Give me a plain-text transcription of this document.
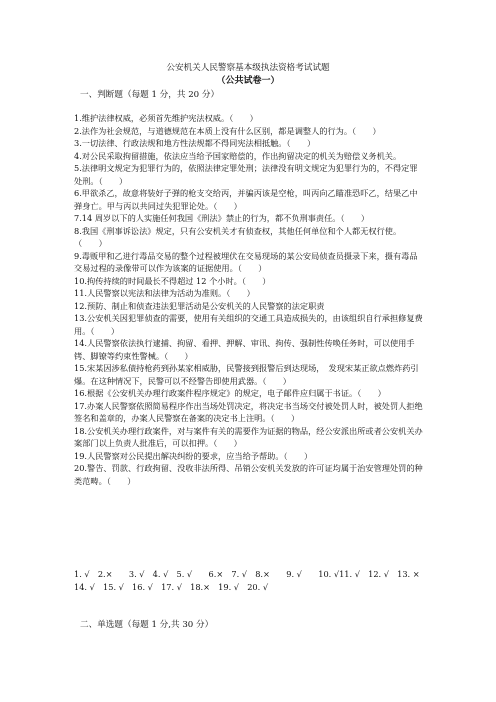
公安机关人民警察基本级执法资格考试试题
（公共试卷一）
一、判断题（每题 1 分，共 20 分）

1.维护法律权威，必须首先维护宪法权威。（　　）

2.法作为社会规范，与道德规范在本质上没有什么区别，都是调整人的行为。（　　）

3.一切法律、行政法规和地方性法规都不得同宪法相抵触。（　　）

4.对公民采取拘留措施，依法应当给予国家赔偿的，作出拘留决定的机关为赔偿义务机关。

5.法律明文规定为犯罪行为的，依照法律定罪处刑；法律没有明文规定为犯罪行为的，不得定罪处刑。（　　）

6.甲欲杀乙，故意将装好子弹的枪支交给丙，并骗丙该是空枪，叫丙向乙瞄准恐吓乙，结果乙中弹身亡。甲与丙以共同过失犯罪论处。（　　）

7.14 周岁以下的人实施任何我国《刑法》禁止的行为，都不负刑事责任。（　　）

8.我国《刑事诉讼法》规定，只有公安机关才有侦查权，其他任何单位和个人都无权行使。（　　）

9.毒贩甲和乙进行毒品交易的整个过程被埋伏在交易现场的某公安局侦查员摄录下来，摄有毒品交易过程的录像带可以作为该案的证据使用。（　　）

10.拘传持续的时间最长不得超过 12 个小时。（　　）

11.人民警察以宪法和法律为活动为准则。（　　）

12.预防、制止和侦查违法犯罪活动是公安机关的人民警察的法定职责

13.公安机关因犯罪侦查的需要，使用有关组织的交通工具造成损失的，由该组织自行承担修复费用。（　　）

14.人民警察依法执行逮捕、拘留、看押、押解、审讯、拘传、强制性传唤任务时，可以使用手铐、脚镣等约束性警械。（　　）

15.宋某因涉私债持枪药到孙某家相威胁，民警接到报警后到达现场，　发现宋某正欲点燃炸药引爆。在这种情况下，民警可以不经警告即使用武器。（　　）

16.根据《公安机关办理行政案件程序规定》的规定，电子邮件应归属于书证。（　　）

17.办案人民警察依照简易程序作出当场处罚决定，将决定书当场交付被处罚人时，被处罚人拒绝签名和盖章的，办案人民警察在备案的决定书上注明。（　　）

18.公安机关办理行政案件，对与案件有关的需要作为证据的物品，经公安派出所或者公安机关办案部门以上负责人批准后，可以扣押。（　　）

19.人民警察对公民提出解决纠纷的要求，应当给予帮助。（　　）

20.警告、罚款、行政拘留、没收非法所得、吊销公安机关发放的许可证均属于治安管理处罚的种类范畴。（　　）

1. √　2.×　　3. √　4. √　5. √　　6.×　7. √　8.×　　9. √　　10. √11. √　12. √　13. ×　14. √　15. √　16. √　17. √　18.×　19. √　20. √
二、单选题（每题 1 分,共 30 分）
